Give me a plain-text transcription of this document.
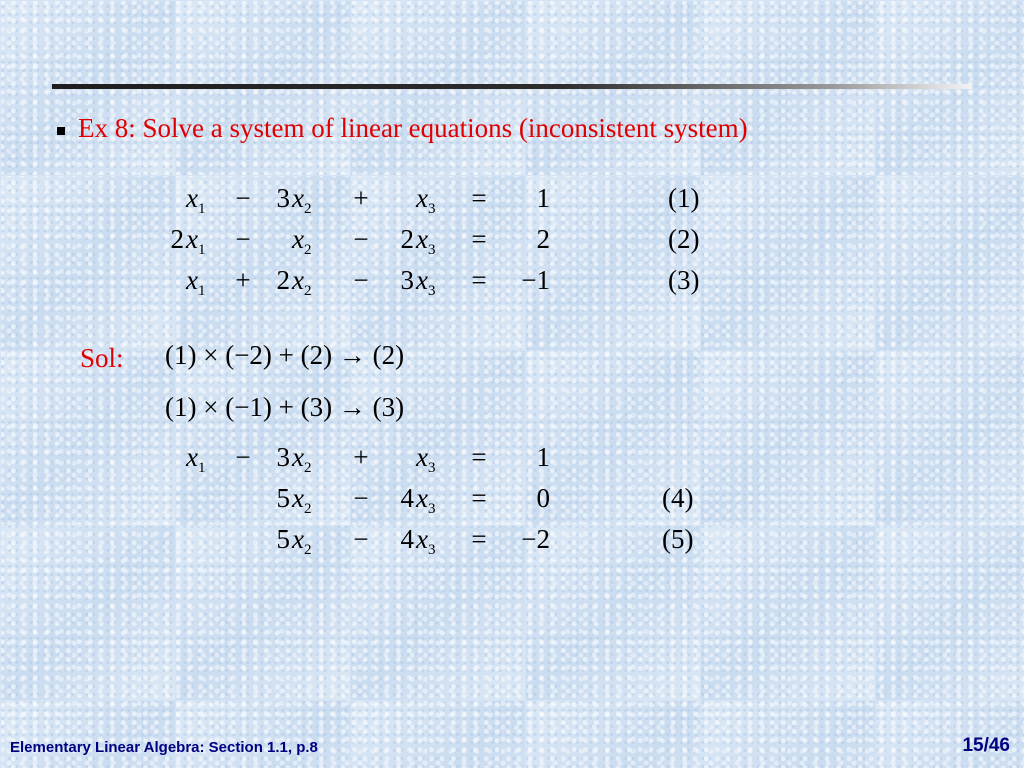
Ex 8: Solve a system of linear equations (inconsistent system)
$x_1$	− 3 $x_2$	+ $x_3$	=	1	(1)
2 $x_1$	− $x_2$	−	2 $x_3$	=	2	(2)
$x_1$	+ 2 $x_2$	−	3 $x_3$	=	−1	(3)
Sol: (1) × (−2) + (2) → (2)
(1) × (−1) + (3) → (3)
$x_1$	− 3 $x_2$	+ $x_3$	=	1
5 $x_2$	−	4 $x_3$	=	0	(4)
5 $x_2$	−	4 $x_3$	=	−2	(5)
Elementary Linear Algebra: Section 1.1, p.8	15/46
